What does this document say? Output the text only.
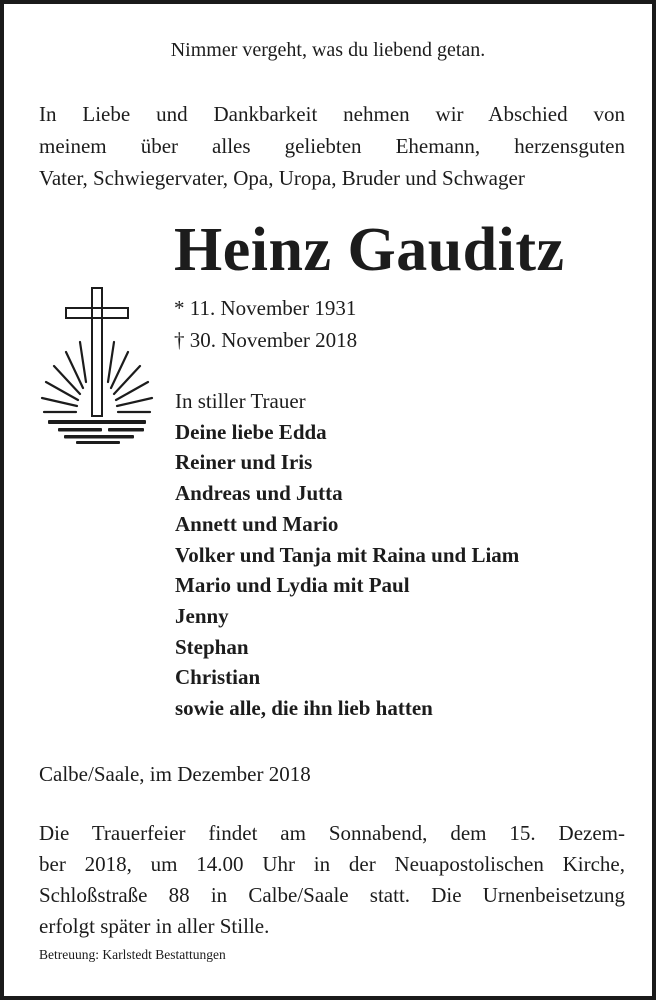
Nimmer vergeht, was du liebend getan.
In Liebe und Dankbarkeit nehmen wir Abschied von
meinem über alles geliebten Ehemann, herzensguten
Vater, Schwiegervater, Opa, Uropa, Bruder und Schwager
Heinz Gauditz
* 11. November 1931
† 30. November 2018
In stiller Trauer
Deine liebe Edda
Reiner und Iris
Andreas und Jutta
Annett und Mario
Volker und Tanja mit Raina und Liam
Mario und Lydia mit Paul
Jenny
Stephan
Christian
sowie alle, die ihn lieb hatten
Calbe/Saale, im Dezember 2018
Die Trauerfeier findet am Sonnabend, dem 15. Dezem-
ber 2018, um 14.00 Uhr in der Neuapostolischen Kirche,
Schloßstraße 88 in Calbe/Saale statt. Die Urnenbeisetzung
erfolgt später in aller Stille.
Betreuung: Karlstedt Bestattungen
